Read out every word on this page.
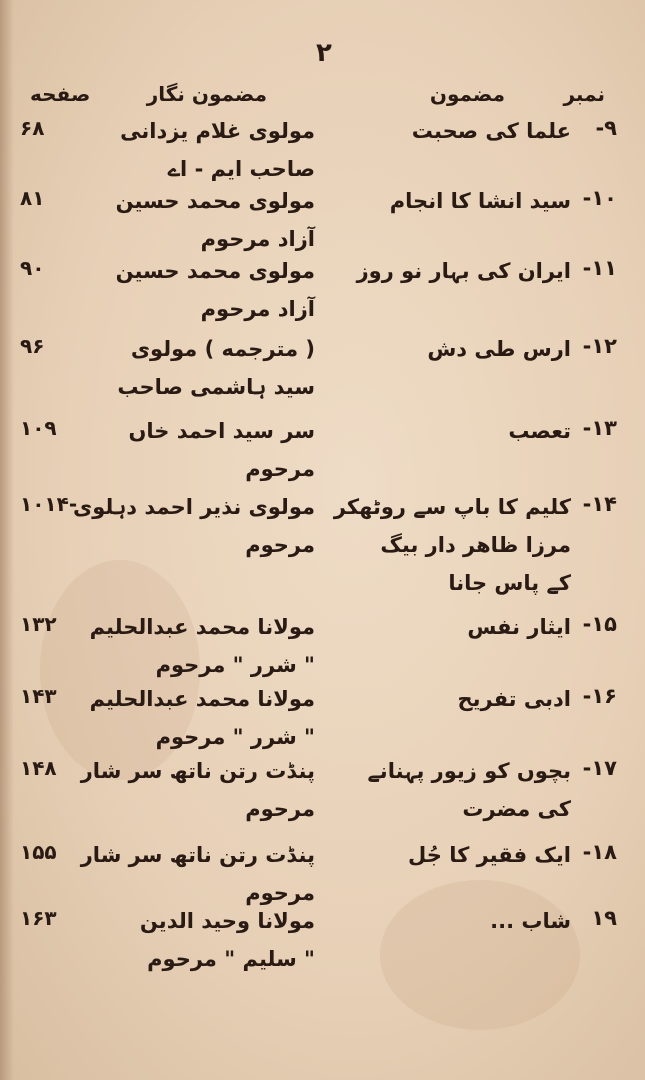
۲
نمبر
مضمون
مضمون نگار
صفحه
۹-
علما کی صحبت
مولوی غلام یزدانی
صاحب ایم - اے
۶۸
۱۰-
سید انشا کا انجام
مولوی محمد حسین
آزاد مرحوم
۸۱
۱۱-
ایران کی بہار نو روز
مولوی محمد حسین
آزاد مرحوم
۹۰
۱۲-
ارس طی دش
( مترجمه ) مولوی
سید ہاشمی صاحب
۹۶
۱۳-
تعصب
سر سید احمد خاں
مرحوم
۱۰۹
۱۴-
کلیم کا باپ سے روٹھکر
مرزا ظاهر دار بیگ
کے پاس جانا
مولوی نذیر احمد دہلوی
مرحوم
۱۰۱۴-
۱۵-
ایثار نفس
مولانا محمد عبدالحلیم
" شرر " مرحوم
۱۳۲
۱۶-
ادبی تفریح
مولانا محمد عبدالحلیم
" شرر " مرحوم
۱۴۳
۱۷-
بچوں کو زیور پہنانے
کی مضرت
پنڈت رتن ناتھ سر شار
مرحوم
۱۴۸
۱۸-
ایک فقیر کا جُل
پنڈت رتن ناتھ سر شار
مرحوم
۱۵۵
۱۹
شاب ...
مولانا وحید الدین
" سلیم " مرحوم
۱۶۳
